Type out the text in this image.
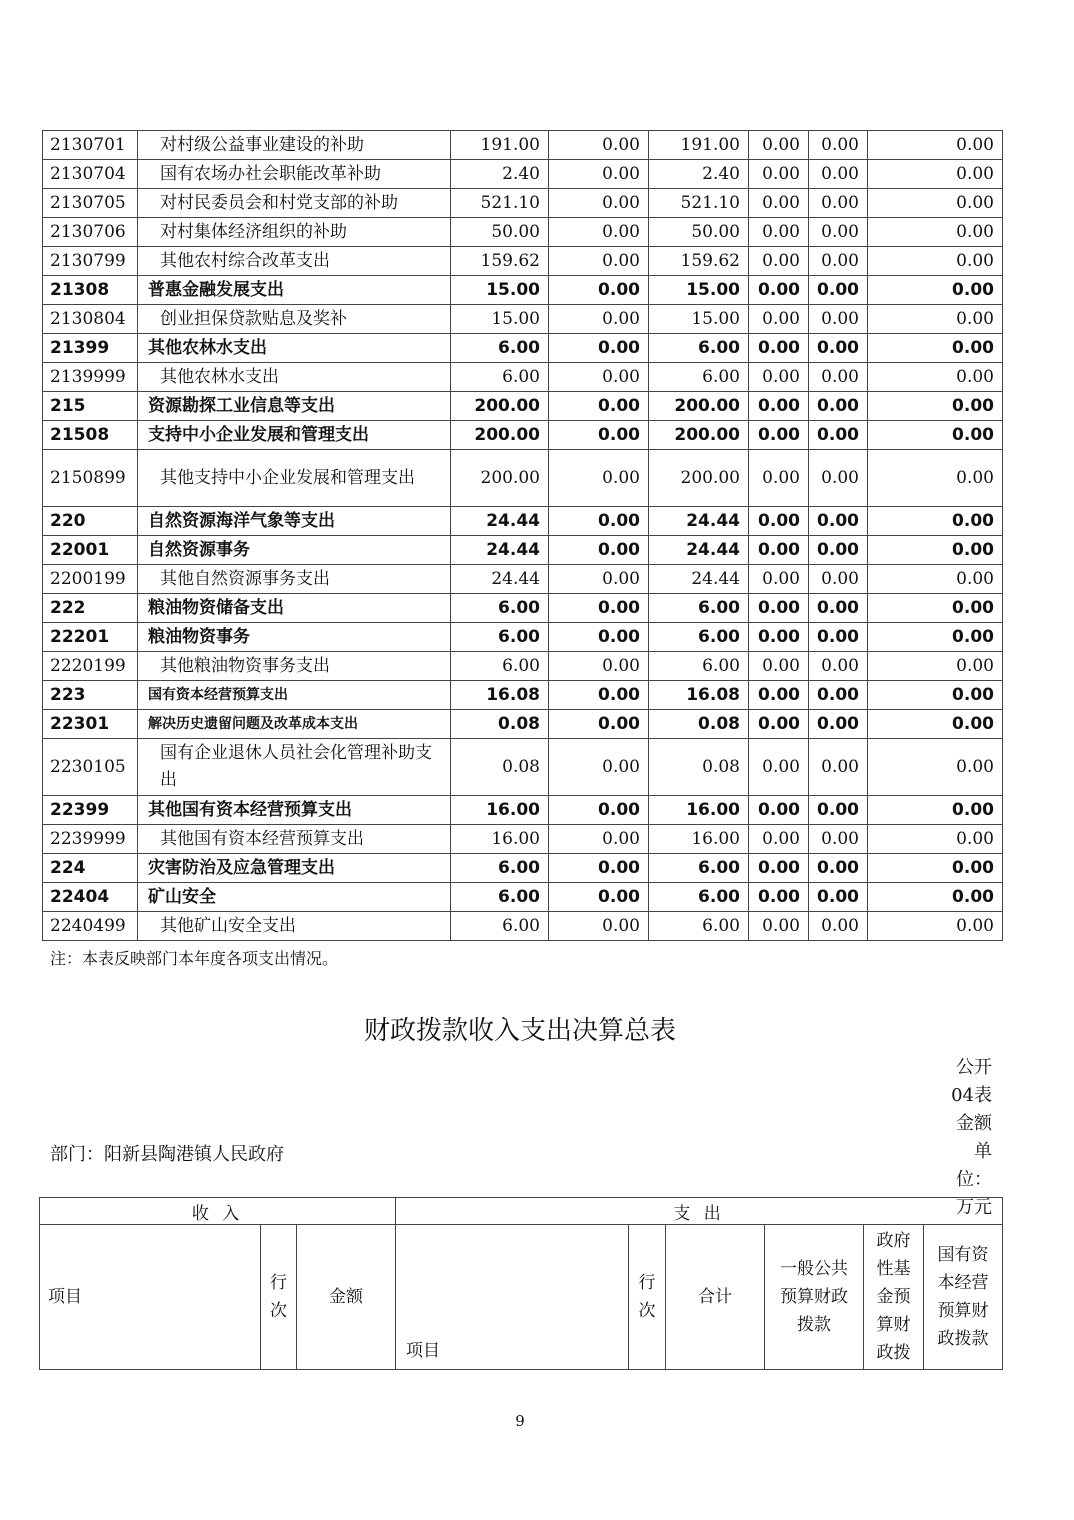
2130701	对村级公益事业建设的补助	191.00	0.00	191.00	0.00	0.00	0.00
2130704	国有农场办社会职能改革补助	2.40	0.00	2.40	0.00	0.00	0.00
2130705	对村民委员会和村党支部的补助	521.10	0.00	521.10	0.00	0.00	0.00
2130706	对村集体经济组织的补助	50.00	0.00	50.00	0.00	0.00	0.00
2130799	其他农村综合改革支出	159.62	0.00	159.62	0.00	0.00	0.00
21308	普惠金融发展支出	15.00	0.00	15.00	0.00	0.00	0.00
2130804	创业担保贷款贴息及奖补	15.00	0.00	15.00	0.00	0.00	0.00
21399	其他农林水支出	6.00	0.00	6.00	0.00	0.00	0.00
2139999	其他农林水支出	6.00	0.00	6.00	0.00	0.00	0.00
215	资源勘探工业信息等支出	200.00	0.00	200.00	0.00	0.00	0.00
21508	支持中小企业发展和管理支出	200.00	0.00	200.00	0.00	0.00	0.00
2150899	其他支持中小企业发展和管理支出	200.00	0.00	200.00	0.00	0.00	0.00
220	自然资源海洋气象等支出	24.44	0.00	24.44	0.00	0.00	0.00
22001	自然资源事务	24.44	0.00	24.44	0.00	0.00	0.00
2200199	其他自然资源事务支出	24.44	0.00	24.44	0.00	0.00	0.00
222	粮油物资储备支出	6.00	0.00	6.00	0.00	0.00	0.00
22201	粮油物资事务	6.00	0.00	6.00	0.00	0.00	0.00
2220199	其他粮油物资事务支出	6.00	0.00	6.00	0.00	0.00	0.00
223	国有资本经营预算支出	16.08	0.00	16.08	0.00	0.00	0.00
22301	解决历史遗留问题及改革成本支出	0.08	0.00	0.08	0.00	0.00	0.00
2230105	国有企业退休人员社会化管理补助支出	0.08	0.00	0.08	0.00	0.00	0.00
22399	其他国有资本经营预算支出	16.00	0.00	16.00	0.00	0.00	0.00
2239999	其他国有资本经营预算支出	16.00	0.00	16.00	0.00	0.00	0.00
224	灾害防治及应急管理支出	6.00	0.00	6.00	0.00	0.00	0.00
22404	矿山安全	6.00	0.00	6.00	0.00	0.00	0.00
2240499	其他矿山安全支出	6.00	0.00	6.00	0.00	0.00	0.00
注：本表反映部门本年度各项支出情况。
财政拨款收入支出决算总表
公开04表
金额单位：万元
部门：阳新县陶港镇人民政府
收 入			支 出					
项目	行次	金额	项目	行次	合计	一般公共预算财政拨款	政府性基金预算财政拨	国有资本经营预算财政拨款
9
